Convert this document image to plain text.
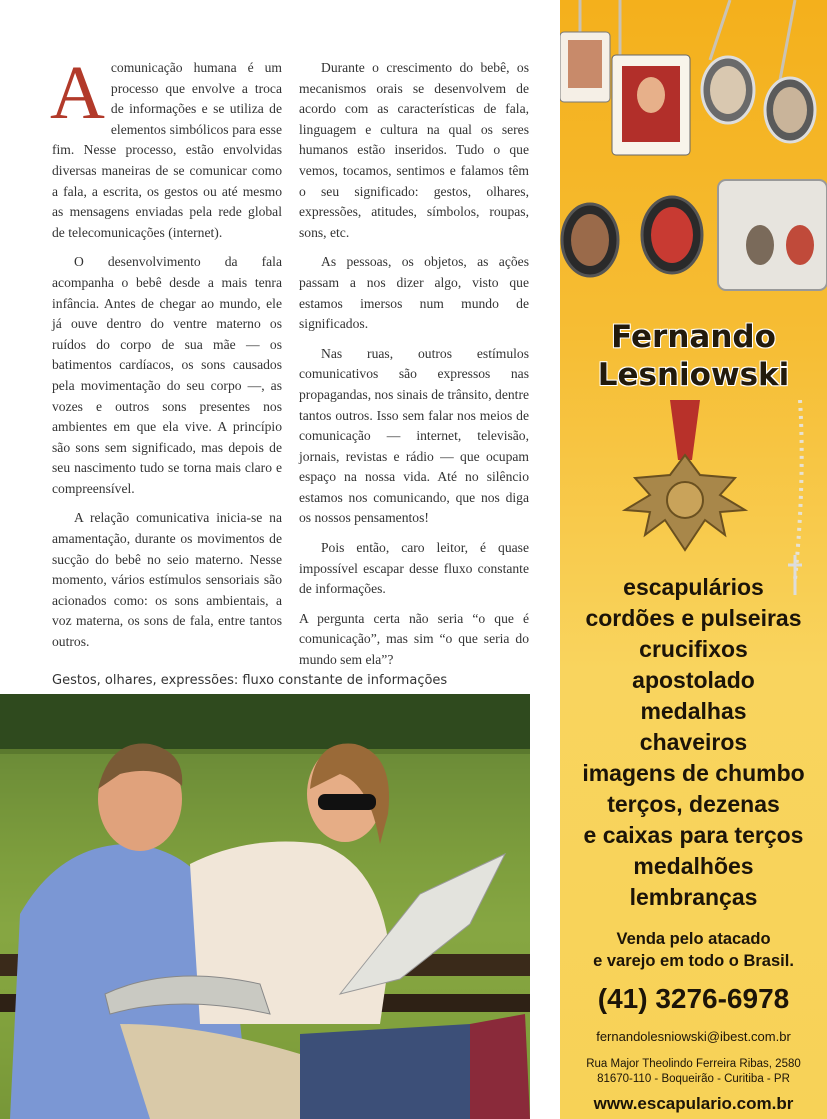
Acomunicação humana é um processo que envolve a troca de informações e se utiliza de elementos simbólicos para esse fim. Nesse processo, estão envolvidas diversas maneiras de se comunicar como a fala, a escrita, os gestos ou até mesmo as mensagens enviadas pela rede global de telecomunicações (internet).

O desenvolvimento da fala acompanha o bebê desde a mais tenra infância. Antes de chegar ao mundo, ele já ouve dentro do ventre materno os ruídos do corpo de sua mãe — os batimentos cardíacos, os sons causados pela movimentação do seu corpo —, as vozes e outros sons presentes nos ambientes em que ela vive. A princípio são sons sem significado, mas depois de seu nascimento tudo se torna mais claro e compreensível.

A relação comunicativa inicia-se na amamentação, durante os movimentos de sucção do bebê no seio materno. Nesse momento, vários estímulos sensoriais são acionados como: os sons ambientais, a voz materna, os sons de fala, entre tantos outros.

Durante o crescimento do bebê, os mecanismos orais se desenvolvem de acordo com as características de fala, linguagem e cultura na qual os seres humanos estão inseridos. Tudo o que vemos, tocamos, sentimos e falamos têm o seu significado: gestos, olhares, expressões, atitudes, símbolos, roupas, sons, etc.

As pessoas, os objetos, as ações passam a nos dizer algo, visto que estamos imersos num mundo de significados.

Nas ruas, outros estímulos comunicativos são expressos nas propagandas, nos sinais de trânsito, dentre tantos outros. Isso sem falar nos meios de comunicação — internet, televisão, jornais, revistas e rádio — que ocupam espaço na nossa vida. Até no silêncio estamos nos comunicando, que nos diga os nossos pensamentos!

Pois então, caro leitor, é quase impossível escapar desse fluxo constante de informações.

A pergunta certa não seria “o que é comunicação”, mas sim “o que seria do mundo sem ela”?

Gestos, olhares, expressões: fluxo constante de informações
Fernando
Lesniowski
escapulários
cordões e pulseiras
crucifixos
apostolado
medalhas
chaveiros
imagens de chumbo
terços, dezenas
e caixas para terços
medalhões
lembranças
Venda pelo atacado
e varejo em todo o Brasil.
(41) 3276-6978
fernandolesniowski@ibest.com.br
Rua Major Theolindo Ferreira Ribas, 2580
81670-110 - Boqueirão - Curitiba - PR
www.escapulario.com.br
